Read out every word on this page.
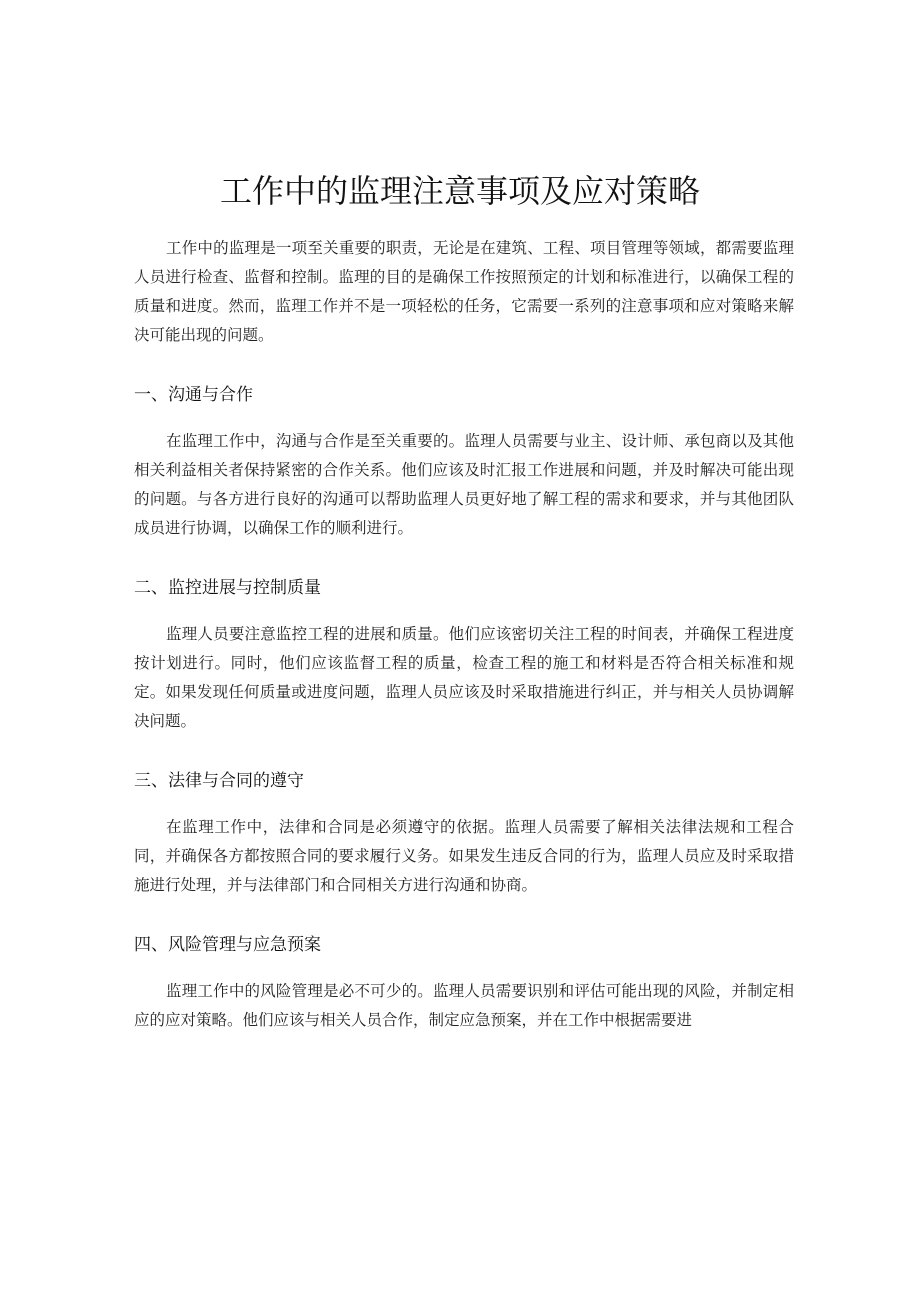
工作中的监理注意事项及应对策略

工作中的监理是一项至关重要的职责，无论是在建筑、工程、项目管理等领域，都需要监理人员进行检查、监督和控制。监理的目的是确保工作按照预定的计划和标准进行，以确保工程的质量和进度。然而，监理工作并不是一项轻松的任务，它需要一系列的注意事项和应对策略来解决可能出现的问题。

一、沟通与合作

在监理工作中，沟通与合作是至关重要的。监理人员需要与业主、设计师、承包商以及其他相关利益相关者保持紧密的合作关系。他们应该及时汇报工作进展和问题，并及时解决可能出现的问题。与各方进行良好的沟通可以帮助监理人员更好地了解工程的需求和要求，并与其他团队成员进行协调，以确保工作的顺利进行。

二、监控进展与控制质量

监理人员要注意监控工程的进展和质量。他们应该密切关注工程的时间表，并确保工程进度按计划进行。同时，他们应该监督工程的质量，检查工程的施工和材料是否符合相关标准和规定。如果发现任何质量或进度问题，监理人员应该及时采取措施进行纠正，并与相关人员协调解决问题。

三、法律与合同的遵守

在监理工作中，法律和合同是必须遵守的依据。监理人员需要了解相关法律法规和工程合同，并确保各方都按照合同的要求履行义务。如果发生违反合同的行为，监理人员应及时采取措施进行处理，并与法律部门和合同相关方进行沟通和协商。

四、风险管理与应急预案

监理工作中的风险管理是必不可少的。监理人员需要识别和评估可能出现的风险，并制定相应的应对策略。他们应该与相关人员合作，制定应急预案，并在工作中根据需要进
